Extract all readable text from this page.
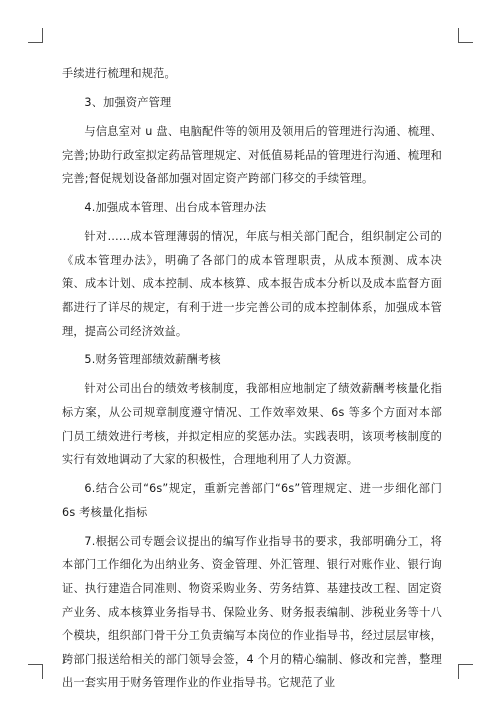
手续进行梳理和规范。

3、加强资产管理

与信息室对 u 盘、电脑配件等的领用及领用后的管理进行沟通、梳理、完善;协助行政室拟定药品管理规定、对低值易耗品的管理进行沟通、梳理和完善;督促规划设备部加强对固定资产跨部门移交的手续管理。

4.加强成本管理、出台成本管理办法

针对……成本管理薄弱的情况，年底与相关部门配合，组织制定公司的《成本管理办法》，明确了各部门的成本管理职责，从成本预测、成本决策、成本计划、成本控制、成本核算、成本报告成本分析以及成本监督方面都进行了详尽的规定，有利于进一步完善公司的成本控制体系，加强成本管理，提高公司经济效益。

5.财务管理部绩效薪酬考核

针对公司出台的绩效考核制度，我部相应地制定了绩效薪酬考核量化指标方案，从公司规章制度遵守情况、工作效率效果、6s 等多个方面对本部门员工绩效进行考核，并拟定相应的奖惩办法。实践表明，该项考核制度的实行有效地调动了大家的积极性，合理地利用了人力资源。

6.结合公司“6s”规定，重新完善部门“6s”管理规定、进一步细化部门 6s 考核量化指标

7.根据公司专题会议提出的编写作业指导书的要求，我部明确分工，将本部门工作细化为出纳业务、资金管理、外汇管理、银行对账作业、银行询证、执行建造合同准则、物资采购业务、劳务结算、基建技改工程、固定资产业务、成本核算业务指导书、保险业务、财务报表编制、涉税业务等十八个模块，组织部门骨干分工负责编写本岗位的作业指导书，经过层层审核，跨部门报送给相关的部门领导会签，4 个月的精心编制、修改和完善，整理出一套实用于财务管理作业的作业指导书。它规范了业
